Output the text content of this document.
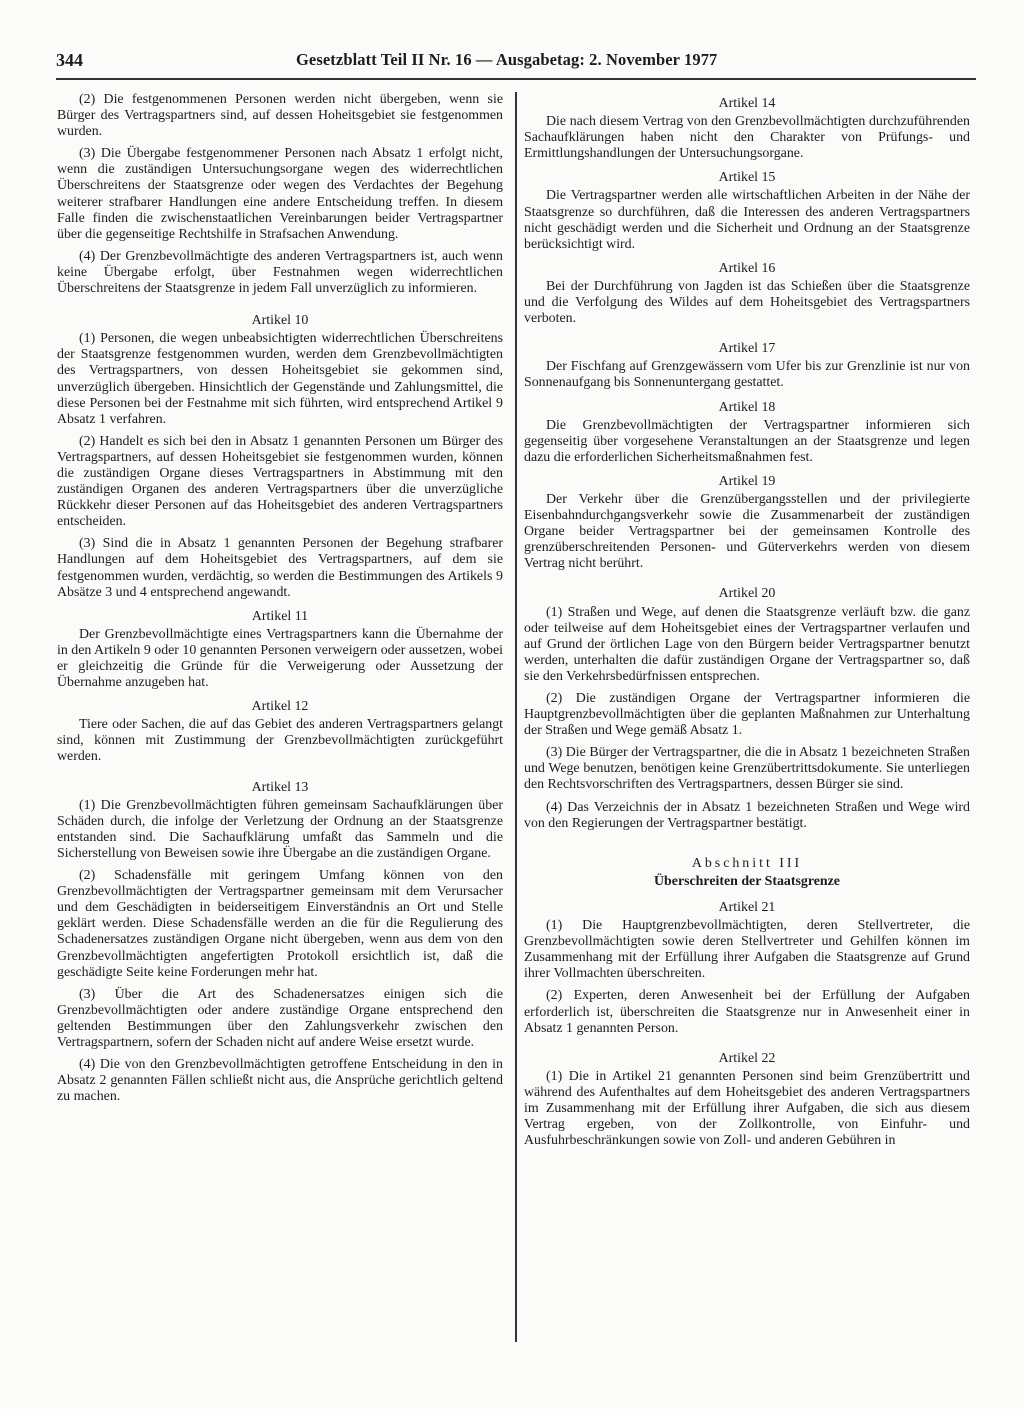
344	Gesetzblatt Teil II Nr. 16 — Ausgabetag: 2. November 1977

(2) Die festgenommenen Personen werden nicht übergeben, wenn sie Bürger des Vertragspartners sind, auf dessen Hoheitsgebiet sie festgenommen wurden.

(3) Die Übergabe festgenommener Personen nach Absatz 1 erfolgt nicht, wenn die zuständigen Untersuchungsorgane wegen des widerrechtlichen Überschreitens der Staatsgrenze oder wegen des Verdachtes der Begehung weiterer strafbarer Handlungen eine andere Entscheidung treffen. In diesem Falle finden die zwischenstaatlichen Vereinbarungen beider Vertragspartner über die gegenseitige Rechtshilfe in Strafsachen Anwendung.

(4) Der Grenzbevollmächtigte des anderen Vertragspartners ist, auch wenn keine Übergabe erfolgt, über Festnahmen wegen widerrechtlichen Überschreitens der Staatsgrenze in jedem Fall unverzüglich zu informieren.

Artikel 10

(1) Personen, die wegen unbeabsichtigten widerrechtlichen Überschreitens der Staatsgrenze festgenommen wurden, werden dem Grenzbevollmächtigten des Vertragspartners, von dessen Hoheitsgebiet sie gekommen sind, unverzüglich übergeben. Hinsichtlich der Gegenstände und Zahlungsmittel, die diese Personen bei der Festnahme mit sich führten, wird entsprechend Artikel 9 Absatz 1 verfahren.

(2) Handelt es sich bei den in Absatz 1 genannten Personen um Bürger des Vertragspartners, auf dessen Hoheitsgebiet sie festgenommen wurden, können die zuständigen Organe dieses Vertragspartners in Abstimmung mit den zuständigen Organen des anderen Vertragspartners über die unverzügliche Rückkehr dieser Personen auf das Hoheitsgebiet des anderen Vertragspartners entscheiden.

(3) Sind die in Absatz 1 genannten Personen der Begehung strafbarer Handlungen auf dem Hoheitsgebiet des Vertragspartners, auf dem sie festgenommen wurden, verdächtig, so werden die Bestimmungen des Artikels 9 Absätze 3 und 4 entsprechend angewandt.

Artikel 11

Der Grenzbevollmächtigte eines Vertragspartners kann die Übernahme der in den Artikeln 9 oder 10 genannten Personen verweigern oder aussetzen, wobei er gleichzeitig die Gründe für die Verweigerung oder Aussetzung der Übernahme anzugeben hat.

Artikel 12

Tiere oder Sachen, die auf das Gebiet des anderen Vertragspartners gelangt sind, können mit Zustimmung der Grenzbevollmächtigten zurückgeführt werden.

Artikel 13

(1) Die Grenzbevollmächtigten führen gemeinsam Sachaufklärungen über Schäden durch, die infolge der Verletzung der Ordnung an der Staatsgrenze entstanden sind. Die Sachaufklärung umfaßt das Sammeln und die Sicherstellung von Beweisen sowie ihre Übergabe an die zuständigen Organe.

(2) Schadensfälle mit geringem Umfang können von den Grenzbevollmächtigten der Vertragspartner gemeinsam mit dem Verursacher und dem Geschädigten in beiderseitigem Einverständnis an Ort und Stelle geklärt werden. Diese Schadensfälle werden an die für die Regulierung des Schadenersatzes zuständigen Organe nicht übergeben, wenn aus dem von den Grenzbevollmächtigten angefertigten Protokoll ersichtlich ist, daß die geschädigte Seite keine Forderungen mehr hat.

(3) Über die Art des Schadenersatzes einigen sich die Grenzbevollmächtigten oder andere zuständige Organe entsprechend den geltenden Bestimmungen über den Zahlungsverkehr zwischen den Vertragspartnern, sofern der Schaden nicht auf andere Weise ersetzt wurde.

(4) Die von den Grenzbevollmächtigten getroffene Entscheidung in den in Absatz 2 genannten Fällen schließt nicht aus, die Ansprüche gerichtlich geltend zu machen.

Artikel 14

Die nach diesem Vertrag von den Grenzbevollmächtigten durchzuführenden Sachaufklärungen haben nicht den Charakter von Prüfungs- und Ermittlungshandlungen der Untersuchungsorgane.

Artikel 15

Die Vertragspartner werden alle wirtschaftlichen Arbeiten in der Nähe der Staatsgrenze so durchführen, daß die Interessen des anderen Vertragspartners nicht geschädigt werden und die Sicherheit und Ordnung an der Staatsgrenze berücksichtigt wird.

Artikel 16

Bei der Durchführung von Jagden ist das Schießen über die Staatsgrenze und die Verfolgung des Wildes auf dem Hoheitsgebiet des Vertragspartners verboten.

Artikel 17

Der Fischfang auf Grenzgewässern vom Ufer bis zur Grenzlinie ist nur von Sonnenaufgang bis Sonnenuntergang gestattet.

Artikel 18

Die Grenzbevollmächtigten der Vertragspartner informieren sich gegenseitig über vorgesehene Veranstaltungen an der Staatsgrenze und legen dazu die erforderlichen Sicherheitsmaßnahmen fest.

Artikel 19

Der Verkehr über die Grenzübergangsstellen und der privilegierte Eisenbahndurchgangsverkehr sowie die Zusammenarbeit der zuständigen Organe beider Vertragspartner bei der gemeinsamen Kontrolle des grenzüberschreitenden Personen- und Güterverkehrs werden von diesem Vertrag nicht berührt.

Artikel 20

(1) Straßen und Wege, auf denen die Staatsgrenze verläuft bzw. die ganz oder teilweise auf dem Hoheitsgebiet eines der Vertragspartner verlaufen und auf Grund der örtlichen Lage von den Bürgern beider Vertragspartner benutzt werden, unterhalten die dafür zuständigen Organe der Vertragspartner so, daß sie den Verkehrsbedürfnissen entsprechen.

(2) Die zuständigen Organe der Vertragspartner informieren die Hauptgrenzbevollmächtigten über die geplanten Maßnahmen zur Unterhaltung der Straßen und Wege gemäß Absatz 1.

(3) Die Bürger der Vertragspartner, die die in Absatz 1 bezeichneten Straßen und Wege benutzen, benötigen keine Grenzübertrittsdokumente. Sie unterliegen den Rechtsvorschriften des Vertragspartners, dessen Bürger sie sind.

(4) Das Verzeichnis der in Absatz 1 bezeichneten Straßen und Wege wird von den Regierungen der Vertragspartner bestätigt.

Abschnitt III
Überschreiten der Staatsgrenze
Artikel 21

(1) Die Hauptgrenzbevollmächtigten, deren Stellvertreter, die Grenzbevollmächtigten sowie deren Stellvertreter und Gehilfen können im Zusammenhang mit der Erfüllung ihrer Aufgaben die Staatsgrenze auf Grund ihrer Vollmachten überschreiten.

(2) Experten, deren Anwesenheit bei der Erfüllung der Aufgaben erforderlich ist, überschreiten die Staatsgrenze nur in Anwesenheit einer in Absatz 1 genannten Person.

Artikel 22

(1) Die in Artikel 21 genannten Personen sind beim Grenzübertritt und während des Aufenthaltes auf dem Hoheitsgebiet des anderen Vertragspartners im Zusammenhang mit der Erfüllung ihrer Aufgaben, die sich aus diesem Vertrag ergeben, von der Zollkontrolle, von Einfuhr- und Ausfuhrbeschränkungen sowie von Zoll- und anderen Gebühren in
